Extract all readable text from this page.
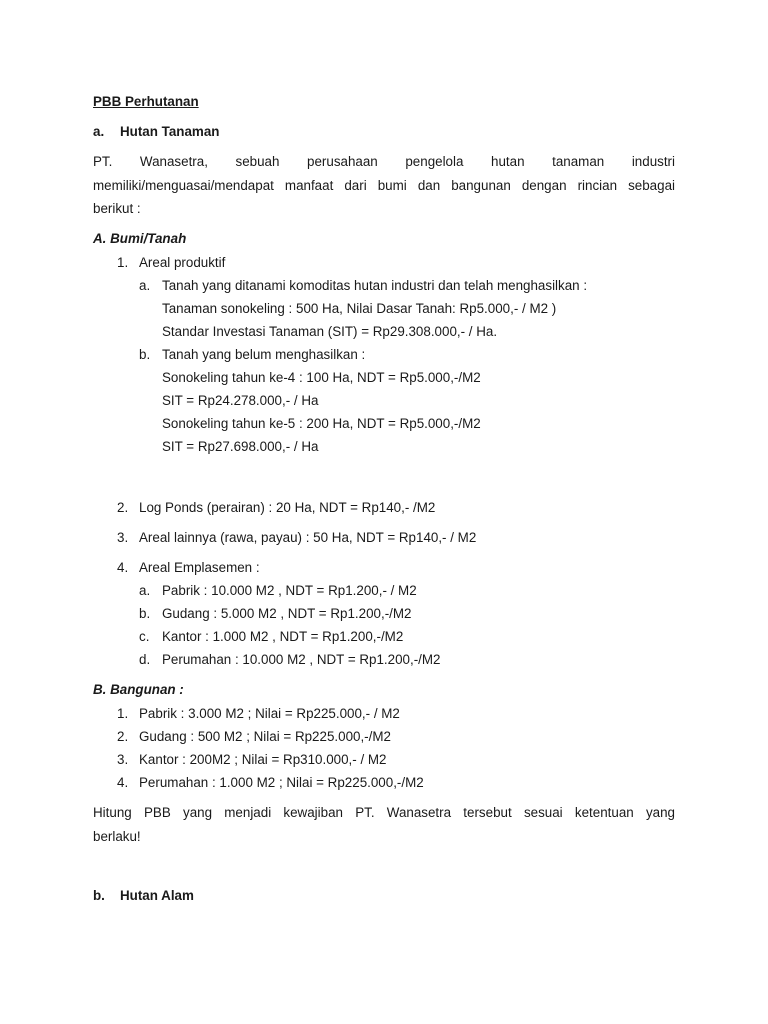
PBB Perhutanan
a. Hutan Tanaman
PT. Wanasetra, sebuah perusahaan pengelola hutan tanaman industri
memiliki/menguasai/mendapat manfaat dari bumi dan bangunan dengan rincian sebagai
berikut :
A. Bumi/Tanah
1. Areal produktif
a. Tanah yang ditanami komoditas hutan industri dan telah menghasilkan :
Tanaman sonokeling : 500 Ha, Nilai Dasar Tanah: Rp5.000,- / M2 )
Standar Investasi Tanaman (SIT) = Rp29.308.000,- / Ha.
b. Tanah yang belum menghasilkan :
Sonokeling tahun ke-4 : 100 Ha, NDT = Rp5.000,-/M2
SIT = Rp24.278.000,- / Ha
Sonokeling tahun ke-5 : 200 Ha, NDT = Rp5.000,-/M2
SIT = Rp27.698.000,- / Ha
2. Log Ponds (perairan) : 20 Ha, NDT = Rp140,- /M2
3. Areal lainnya (rawa, payau) : 50 Ha, NDT = Rp140,- / M2
4. Areal Emplasemen :
a. Pabrik : 10.000 M2 , NDT = Rp1.200,- / M2
b. Gudang : 5.000 M2 , NDT = Rp1.200,-/M2
c. Kantor : 1.000 M2 , NDT = Rp1.200,-/M2
d. Perumahan : 10.000 M2 , NDT = Rp1.200,-/M2
B. Bangunan :
1. Pabrik : 3.000 M2 ; Nilai = Rp225.000,- / M2
2. Gudang : 500 M2 ; Nilai = Rp225.000,-/M2
3. Kantor : 200M2 ; Nilai = Rp310.000,- / M2
4. Perumahan : 1.000 M2 ; Nilai = Rp225.000,-/M2
Hitung PBB yang menjadi kewajiban PT. Wanasetra tersebut sesuai ketentuan yang
berlaku!
b. Hutan Alam
